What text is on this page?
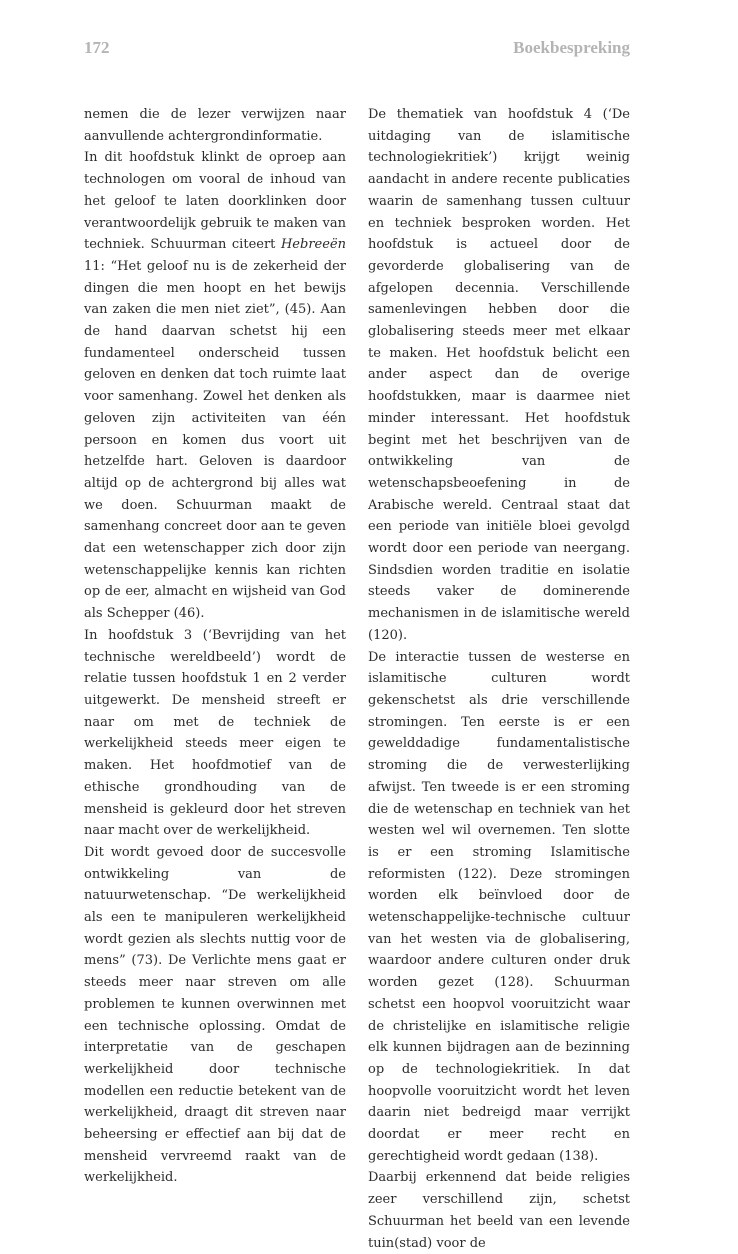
172	Boekbespreking

nemen die de lezer verwijzen naar aanvullende achtergrondinformatie.

In dit hoofdstuk klinkt de oproep aan technologen om vooral de inhoud van het geloof te laten doorklinken door verantwoordelijk gebruik te maken van techniek. Schuurman citeert Hebreeën 11: “Het geloof nu is de zekerheid der dingen die men hoopt en het bewijs van zaken die men niet ziet”, (45). Aan de hand daarvan schetst hij een fundamenteel onderscheid tussen geloven en denken dat toch ruimte laat voor samenhang. Zowel het denken als geloven zijn activiteiten van één persoon en komen dus voort uit hetzelfde hart. Geloven is daardoor altijd op de achtergrond bij alles wat we doen. Schuurman maakt de samenhang concreet door aan te geven dat een wetenschapper zich door zijn wetenschappelijke kennis kan richten op de eer, almacht en wijsheid van God als Schepper (46).

In hoofdstuk 3 (‘Bevrijding van het technische wereldbeeld’) wordt de relatie tussen hoofdstuk 1 en 2 verder uitgewerkt. De mensheid streeft er naar om met de techniek de werkelijkheid steeds meer eigen te maken. Het hoofdmotief van de ethische grondhouding van de mensheid is gekleurd door het streven naar macht over de werkelijkheid.

Dit wordt gevoed door de succesvolle ontwikkeling van de natuurwetenschap. “De werkelijkheid als een te manipuleren werkelijkheid wordt gezien als slechts nuttig voor de mens” (73). De Verlichte mens gaat er steeds meer naar streven om alle problemen te kunnen overwinnen met een technische oplossing. Omdat de interpretatie van de geschapen werkelijkheid door technische modellen een reductie betekent van de werkelijkheid, draagt dit streven naar beheersing er effectief aan bij dat de mensheid vervreemd raakt van de werkelijkheid.

De thematiek van hoofdstuk 4 (‘De uitdaging van de islamitische technologiekritiek’) krijgt weinig aandacht in andere recente publicaties waarin de samenhang tussen cultuur en techniek besproken worden. Het hoofdstuk is actueel door de gevorderde globalisering van de afgelopen decennia. Verschillende samenlevingen hebben door die globalisering steeds meer met elkaar te maken. Het hoofdstuk belicht een ander aspect dan de overige hoofdstukken, maar is daarmee niet minder interessant. Het hoofdstuk begint met het beschrijven van de ontwikkeling van de wetenschapsbeoefening in de Arabische wereld. Centraal staat dat een periode van initiële bloei gevolgd wordt door een periode van neergang. Sindsdien worden traditie en isolatie steeds vaker de dominerende mechanismen in de islamitische wereld (120).

De interactie tussen de westerse en islamitische culturen wordt gekenschetst als drie verschillende stromingen. Ten eerste is er een gewelddadige fundamentalistische stroming die de verwesterlijking afwijst. Ten tweede is er een stroming die de wetenschap en techniek van het westen wel wil overnemen. Ten slotte is er een stroming Islamitische reformisten (122). Deze stromingen worden elk beïnvloed door de wetenschappelijke-technische cultuur van het westen via de globalisering, waardoor andere culturen onder druk worden gezet (128). Schuurman schetst een hoopvol vooruitzicht waar de christelijke en islamitische religie elk kunnen bijdragen aan de bezinning op de technologiekritiek. In dat hoopvolle vooruitzicht wordt het leven daarin niet bedreigd maar verrijkt doordat er meer recht en gerechtigheid wordt gedaan (138).

Daarbij erkennend dat beide religies zeer verschillend zijn, schetst Schuurman het beeld van een levende tuin(stad) voor de
